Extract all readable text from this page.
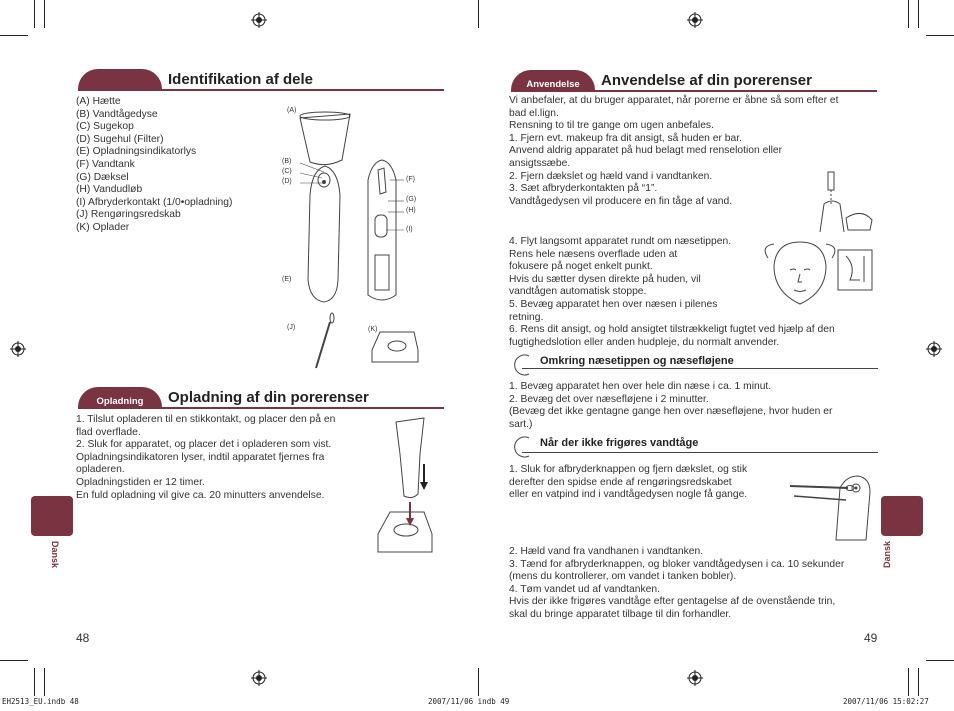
Identifikation af dele
(A) Hætte
(B) Vandtågedyse
(C) Sugekop
(D) Sugehul (Filter)
(E) Opladningsindikatorlys
(F) Vandtank
(G) Dæksel
(H) Vandudløb
(I) Afbryderkontakt (1/0•opladning)
(J) Rengøringsredskab
(K) Oplader
(A)
(B)
(C)
(D)
(E)
(F)
(G)
(H)
(I)
(J)	(K)
Opladning	Opladning af din porerenser
1. Tilslut opladeren til en stikkontakt, og placer den på en
flad overflade.
2. Sluk for apparatet, og placer det i opladeren som vist.
Opladningsindikatoren lyser, indtil apparatet fjernes fra
opladeren.
Opladningstiden er 12 timer.
En fuld opladning vil give ca. 20 minutters anvendelse.
Dansk
48
Anvendelse	Anvendelse af din porerenser
Vi anbefaler, at du bruger apparatet, når porerne er åbne så som efter et
bad el.lign.
Rensning to til tre gange om ugen anbefales.
1. Fjern evt. makeup fra dit ansigt, så huden er bar.
Anvend aldrig apparatet på hud belagt med renselotion eller
ansigtssæbe.
2. Fjern dækslet og hæld vand i vandtanken.
3. Sæt afbryderkontakten på “1”.
Vandtågedysen vil producere en fin tåge af vand.
4. Flyt langsomt apparatet rundt om næsetippen.
Rens hele næsens overflade uden at
fokusere på noget enkelt punkt.
Hvis du sætter dysen direkte på huden, vil
vandtågen automatisk stoppe.
5. Bevæg apparatet hen over næsen i pilenes
retning.
6. Rens dit ansigt, og hold ansigtet tilstrækkeligt fugtet ved hjælp af den
fugtighedslotion eller anden hudpleje, du normalt anvender.
Omkring næsetippen og næsefløjene
1. Bevæg apparatet hen over hele din næse i ca. 1 minut.
2. Bevæg det over næsefløjene i 2 minutter.
(Bevæg det ikke gentagne gange hen over næsefløjene, hvor huden er
sart.)
Når der ikke frigøres vandtåge
1. Sluk for afbryderknappen og fjern dækslet, og stik
derefter den spidse ende af rengøringsredskabet
eller en vatpind ind i vandtågedysen nogle få gange.
2. Hæld vand fra vandhanen i vandtanken.
3. Tænd for afbryderknappen, og bloker vandtågedysen i ca. 10 sekunder
(mens du kontrollerer, om vandet i tanken bobler).
4. Tøm vandet ud af vandtanken.
Hvis der ikke frigøres vandtåge efter gentagelse af de ovenstående trin,
skal du bringe apparatet tilbage til din forhandler.
Dansk
49
EH2513_EU.indb 48	2007/11/06 indb 49	2007/11/06 15:02:27
